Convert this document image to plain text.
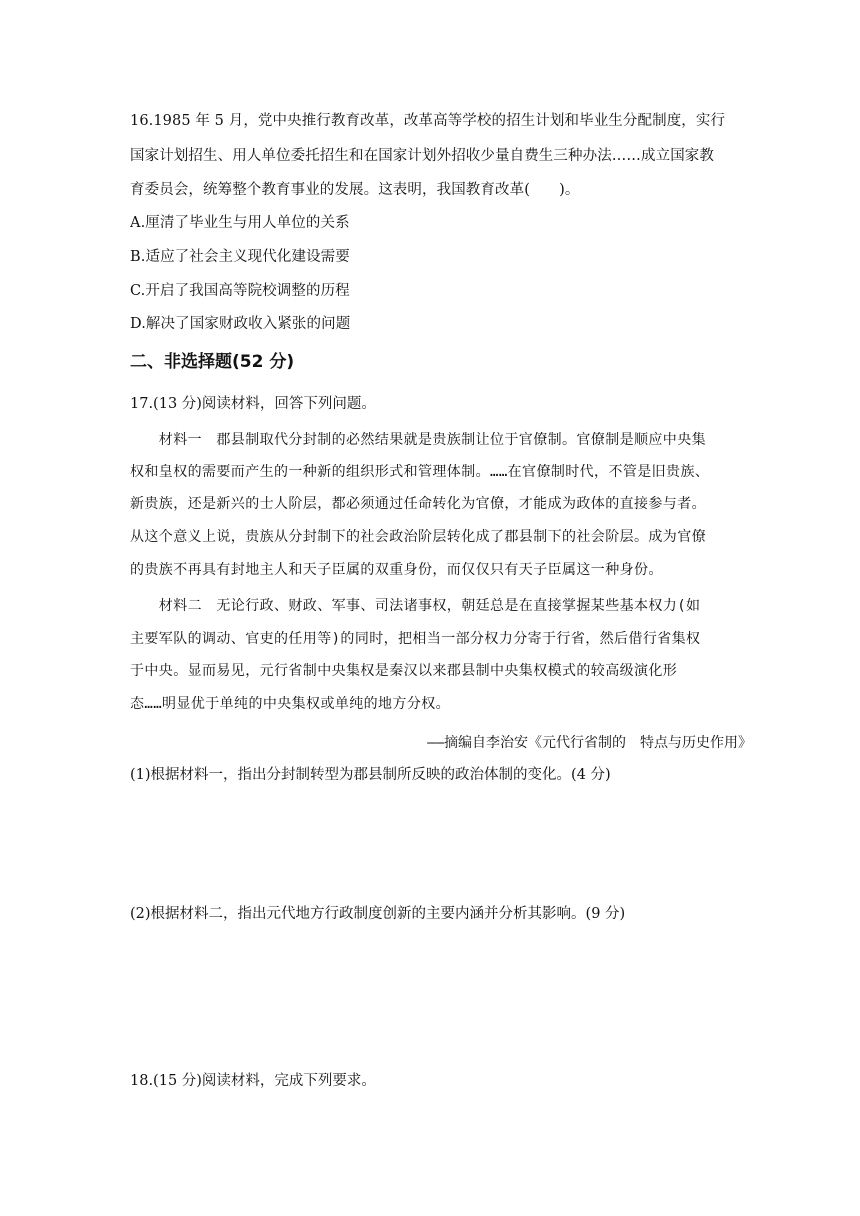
16.1985 年 5 月，党中央推行教育改革，改革高等学校的招生计划和毕业生分配制度，实行
国家计划招生、用人单位委托招生和在国家计划外招收少量自费生三种办法……成立国家教
育委员会，统筹整个教育事业的发展。这表明，我国教育改革(　　)。
A.厘清了毕业生与用人单位的关系
B.适应了社会主义现代化建设需要
C.开启了我国高等院校调整的历程
D.解决了国家财政收入紧张的问题
二、非选择题(52 分)
17.(13 分)阅读材料，回答下列问题。
　　材料一　郡县制取代分封制的必然结果就是贵族制让位于官僚制。官僚制是顺应中央集
权和皇权的需要而产生的一种新的组织形式和管理体制。……在官僚制时代，不管是旧贵族、
新贵族，还是新兴的士人阶层，都必须通过任命转化为官僚，才能成为政体的直接参与者。
从这个意义上说，贵族从分封制下的社会政治阶层转化成了郡县制下的社会阶层。成为官僚
的贵族不再具有封地主人和天子臣属的双重身份，而仅仅只有天子臣属这一种身份。
　　材料二　无论行政、财政、军事、司法诸事权，朝廷总是在直接掌握某些基本权力(如
主要军队的调动、官吏的任用等)的同时，把相当一部分权力分寄于行省，然后借行省集权
于中央。显而易见，元行省制中央集权是秦汉以来郡县制中央集权模式的较高级演化形
态……明显优于单纯的中央集权或单纯的地方分权。
——摘编自李治安《元代行省制的　特点与历史作用》
(1)根据材料一，指出分封制转型为郡县制所反映的政治体制的变化。(4 分)
(2)根据材料二，指出元代地方行政制度创新的主要内涵并分析其影响。(9 分)
18.(15 分)阅读材料，完成下列要求。
